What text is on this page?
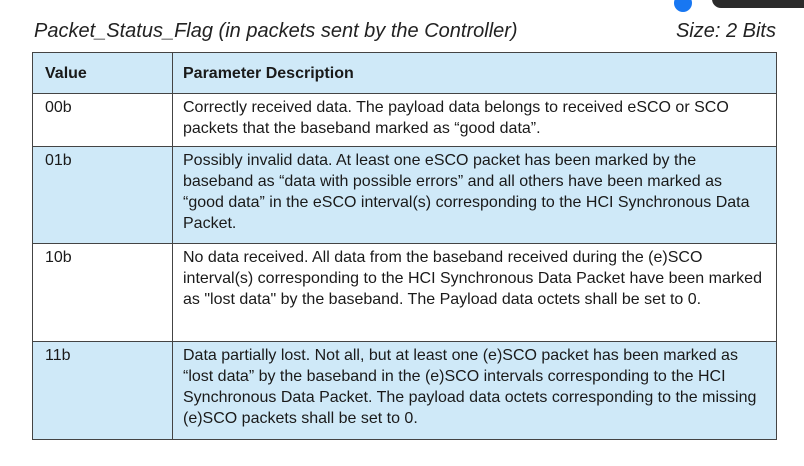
Packet_Status_Flag (in packets sent by the Controller)	Size: 2 Bits
Value	Parameter Description
00b	Correctly received data. The payload data belongs to received eSCO or SCO packets that the baseband marked as “good data”.
01b	Possibly invalid data. At least one eSCO packet has been marked by the baseband as “data with possible errors” and all others have been marked as “good data” in the eSCO interval(s) corresponding to the HCI Synchronous Data Packet.
10b	No data received. All data from the baseband received during the (e)SCO interval(s) corresponding to the HCI Synchronous Data Packet have been marked as "lost data" by the baseband. The Payload data octets shall be set to 0.
11b	Data partially lost. Not all, but at least one (e)SCO packet has been marked as “lost data” by the baseband in the (e)SCO intervals corresponding to the HCI Synchronous Data Packet. The payload data octets corresponding to the missing (e)SCO packets shall be set to 0.
